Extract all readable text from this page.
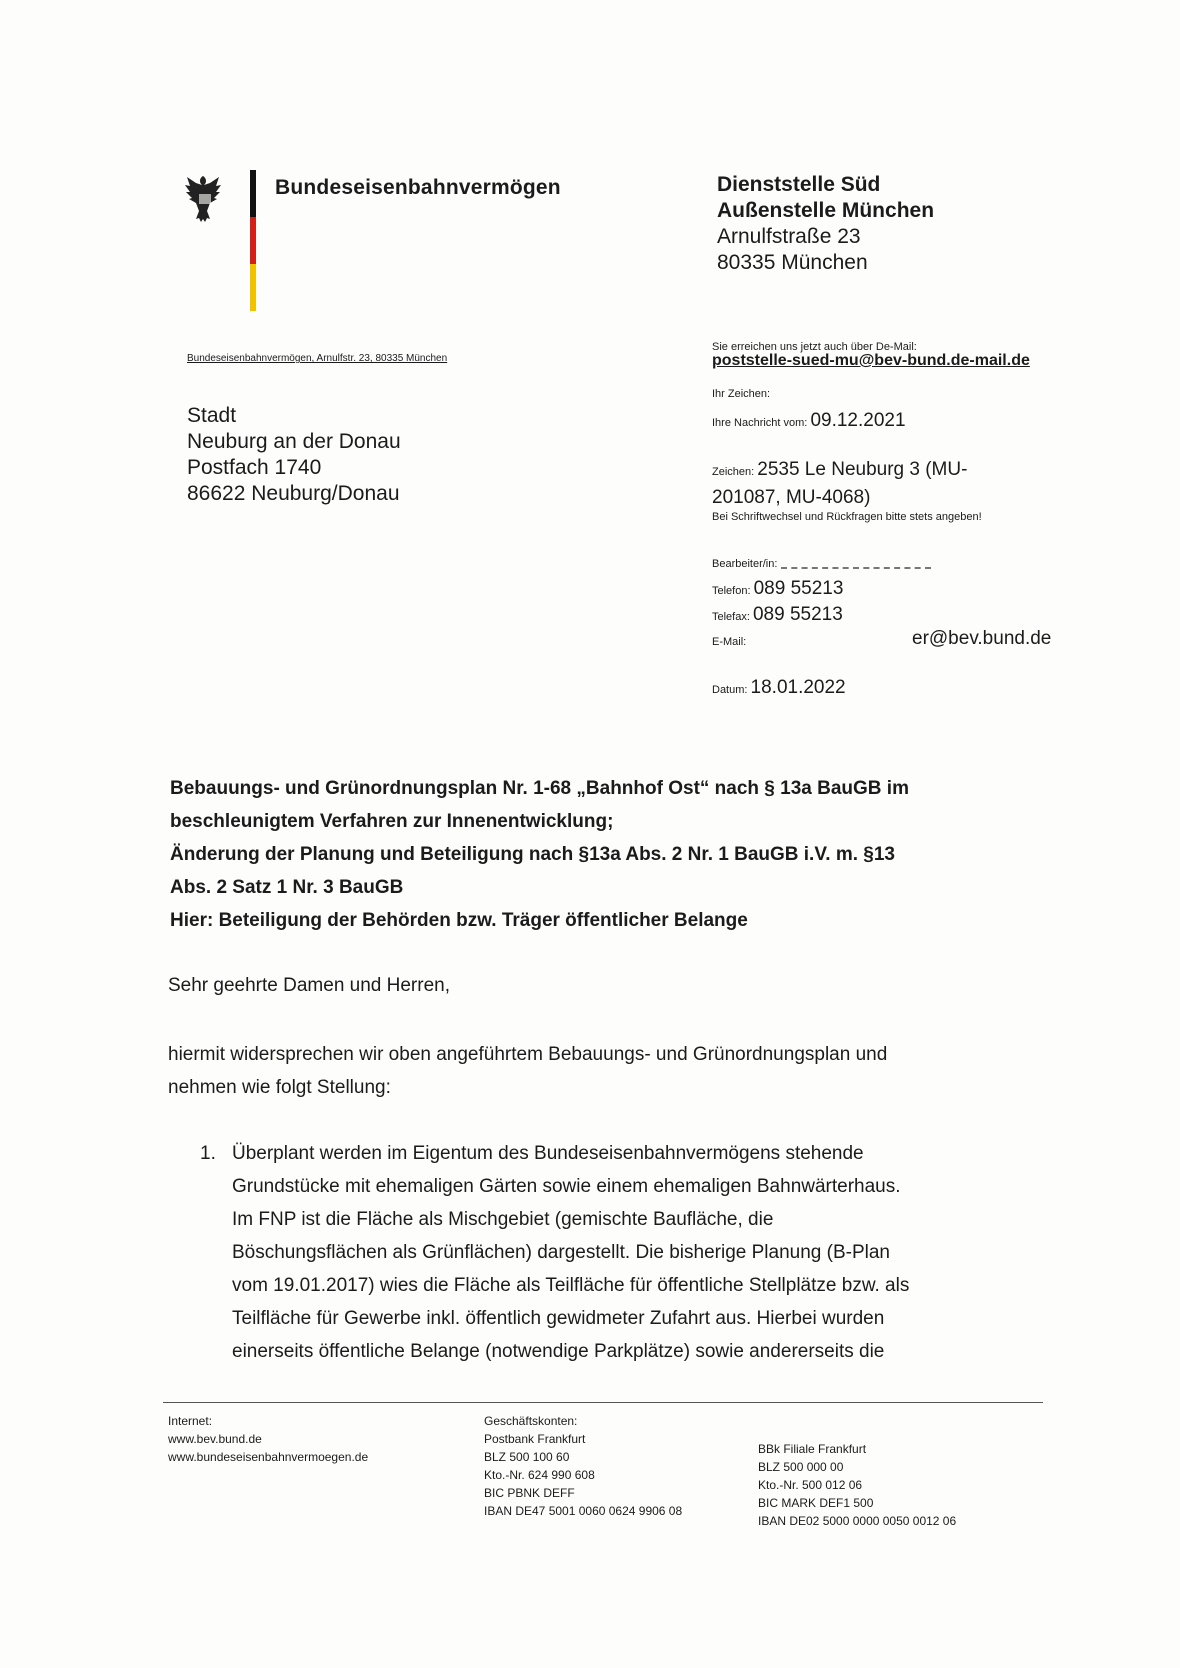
Bundeseisenbahnvermögen	Dienststelle Süd
Außenstelle München
Arnulfstraße 23
80335 München
Bundeseisenbahnvermögen, Arnulfstr. 23, 80335 München
Stadt
Neuburg an der Donau
Postfach 1740
86622 Neuburg/Donau
Sie erreichen uns jetzt auch über De-Mail:
poststelle-sued-mu@bev-bund.de-mail.de
Ihr Zeichen:
Ihre Nachricht vom: 09.12.2021
Zeichen: 2535 Le Neuburg 3 (MU-
201087, MU-4068)
Bei Schriftwechsel und Rückfragen bitte stets angeben!
Bearbeiter/in:
Telefon: 089 55213
Telefax: 089 55213
E-Mail:	er@bev.bund.de
Datum: 18.01.2022
Bebauungs- und Grünordnungsplan Nr. 1-68 „Bahnhof Ost“ nach § 13a BauGB im
beschleunigtem Verfahren zur Innenentwicklung;
Änderung der Planung und Beteiligung nach §13a Abs. 2 Nr. 1 BauGB i.V. m. §13
Abs. 2 Satz 1 Nr. 3 BauGB
Hier: Beteiligung der Behörden bzw. Träger öffentlicher Belange
Sehr geehrte Damen und Herren,
hiermit widersprechen wir oben angeführtem Bebauungs- und Grünordnungsplan und
nehmen wie folgt Stellung:
1. Überplant werden im Eigentum des Bundeseisenbahnvermögens stehende
Grundstücke mit ehemaligen Gärten sowie einem ehemaligen Bahnwärterhaus.
Im FNP ist die Fläche als Mischgebiet (gemischte Baufläche, die
Böschungsflächen als Grünflächen) dargestellt. Die bisherige Planung (B-Plan
vom 19.01.2017) wies die Fläche als Teilfläche für öffentliche Stellplätze bzw. als
Teilfläche für Gewerbe inkl. öffentlich gewidmeter Zufahrt aus. Hierbei wurden
einerseits öffentliche Belange (notwendige Parkplätze) sowie andererseits die
Internet:
www.bev.bund.de
www.bundeseisenbahnvermoegen.de
Geschäftskonten:
Postbank Frankfurt
BLZ 500 100 60
Kto.-Nr. 624 990 608
BIC PBNK DEFF
IBAN DE47 5001 0060 0624 9906 08
BBk Filiale Frankfurt
BLZ 500 000 00
Kto.-Nr. 500 012 06
BIC MARK DEF1 500
IBAN DE02 5000 0000 0050 0012 06
